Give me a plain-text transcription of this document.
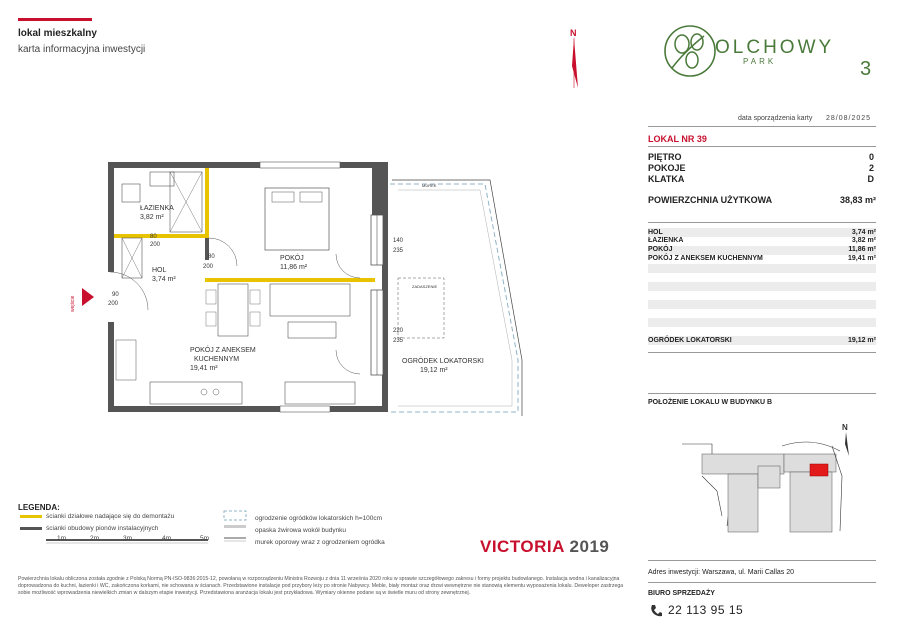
lokal mieszkalny
karta informacyjna inwestycji
N
OLCHOWY
PARK	3
data sporządzenia karty 28/08/2025
LOKAL NR 39
PIĘTRO	0
POKOJE	2
KLATKA	D
POWIERZCHNIA UŻYTKOWA	38,83 m²
HOL	3,74 m²
ŁAZIENKA	3,82 m²
POKÓJ	11,86 m²
POKÓJ Z ANEKSEM KUCHENNYM	19,41 m²
OGRÓDEK LOKATORSKI	19,12 m²
POŁOŻENIE LOKALU W BUDYNKU B
N
Adres inwestycji: Warszawa, ul. Marii Callas 20
BIURO SPRZEDAŻY
22 113 95 15
ŁAZIENKA
3,82 m²
HOL
3,74 m²
POKÓJ
11,86 m²
POKÓJ Z ANEKSEM
KUCHENNYM
19,41 m²
OGRÓDEK LOKATORSKI
19,12 m²
MUREK
ZADASZENIE
wejście
80
200
80
200
90
200
140
235
220
235
LEGENDA:
ścianki działowe nadające się do demontażu
ścianki obudowy pionów instalacyjnych
1m	2m	3m	4m	5m
ogrodzenie ogródków lokatorskich h=100cm
opaska żwirowa wokół budynku
murek oporowy wraz z ogrodzeniem ogródka	VICTORIA 2019
Powierzchnia lokalu obliczona została zgodnie z Polską Normą PN-ISO-9836:2015-12, powołaną w rozporządzeniu Ministra Rozwoju z dnia 11 września 2020 roku w sprawie szczegółowego zakresu i formy projektu budowlanego. Instalacja wodna i kanalizacyjna doprowadzona do kuchni, łazienki i WC, zakończona korkami, nie schowana w ścianach. Przedstawione instalacje pod przybory leży po stronie Nabywcy. Meble, biały montaż oraz drzwi wewnętrzne nie stanowią elementu wyposażenia lokalu. Deweloper zastrzega sobie możliwość wprowadzenia niewielkich zmian w dalszym etapie inwestycji. Przedstawiona aranżacja lokalu jest przykładowa. Wymiary okienne podane są w świetle muru od strony zewnętrznej.
